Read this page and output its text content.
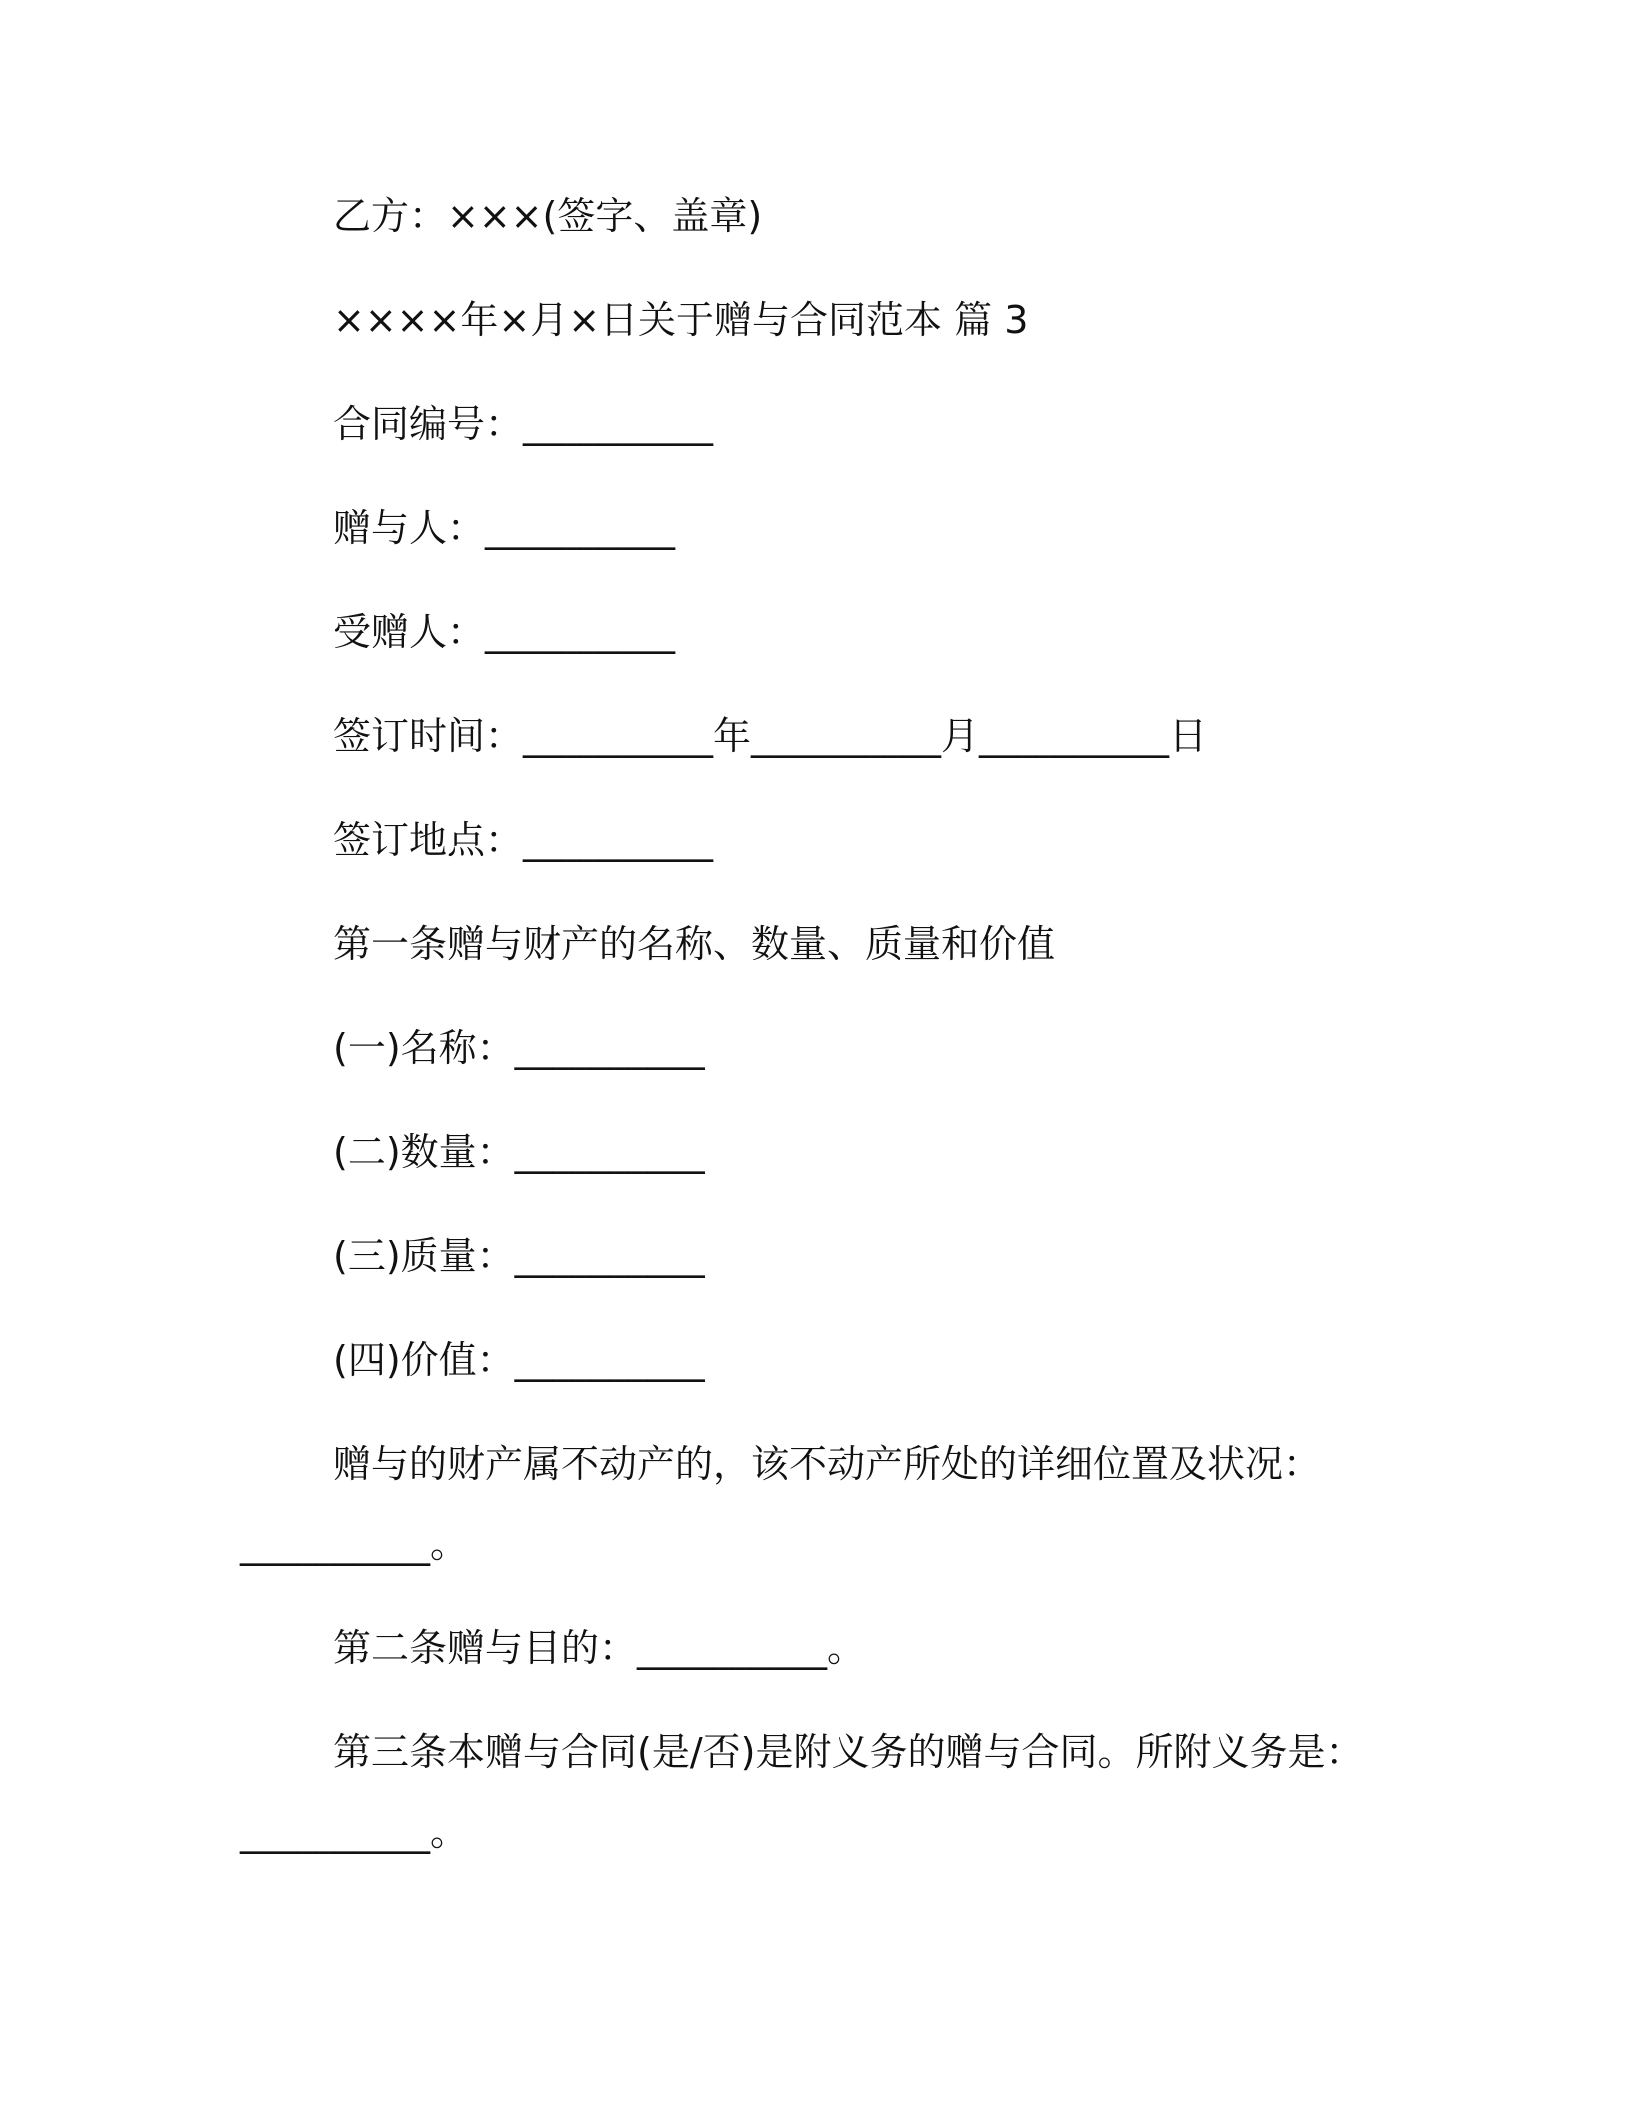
乙方：×××(签字、盖章)
××××年×月×日关于赠与合同范本 篇 3
合同编号：__________
赠与人：__________
受赠人：__________
签订时间：__________年__________月__________日
签订地点：__________
第一条赠与财产的名称、数量、质量和价值
(一)名称：__________
(二)数量：__________
(三)质量：__________
(四)价值：__________
赠与的财产属不动产的，该不动产所处的详细位置及状况：
__________。
第二条赠与目的：__________。
第三条本赠与合同(是/否)是附义务的赠与合同。所附义务是：
__________。
